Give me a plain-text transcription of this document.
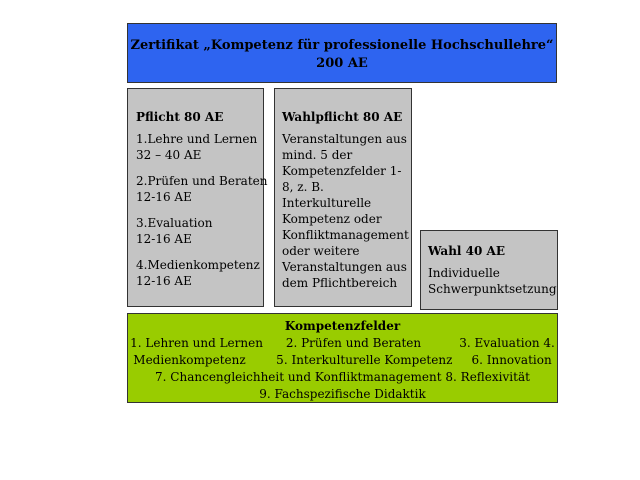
Zertifikat „Kompetenz für professionelle Hochschullehre“
200 AE
Pflicht 80 AE
1.Lehre und Lernen
32 – 40 AE
2.Prüfen und Beraten
12-16 AE
3.Evaluation
12-16 AE
4.Medienkompetenz
12-16 AE
Wahlpflicht 80 AE
Veranstaltungen aus
mind. 5 der
Kompetenzfelder 1-
8, z. B.
Interkulturelle
Kompetenz oder
Konfliktmanagement
oder weitere
Veranstaltungen aus
dem Pflichtbereich
Wahl 40 AE
Individuelle
Schwerpunktsetzung
Kompetenzfelder
1. Lehren und Lernen      2. Prüfen und Beraten          3. Evaluation 4.
Medienkompetenz        5. Interkulturelle Kompetenz     6. Innovation
7. Chancengleichheit und Konfliktmanagement 8. Reflexivität
9. Fachspezifische Didaktik
